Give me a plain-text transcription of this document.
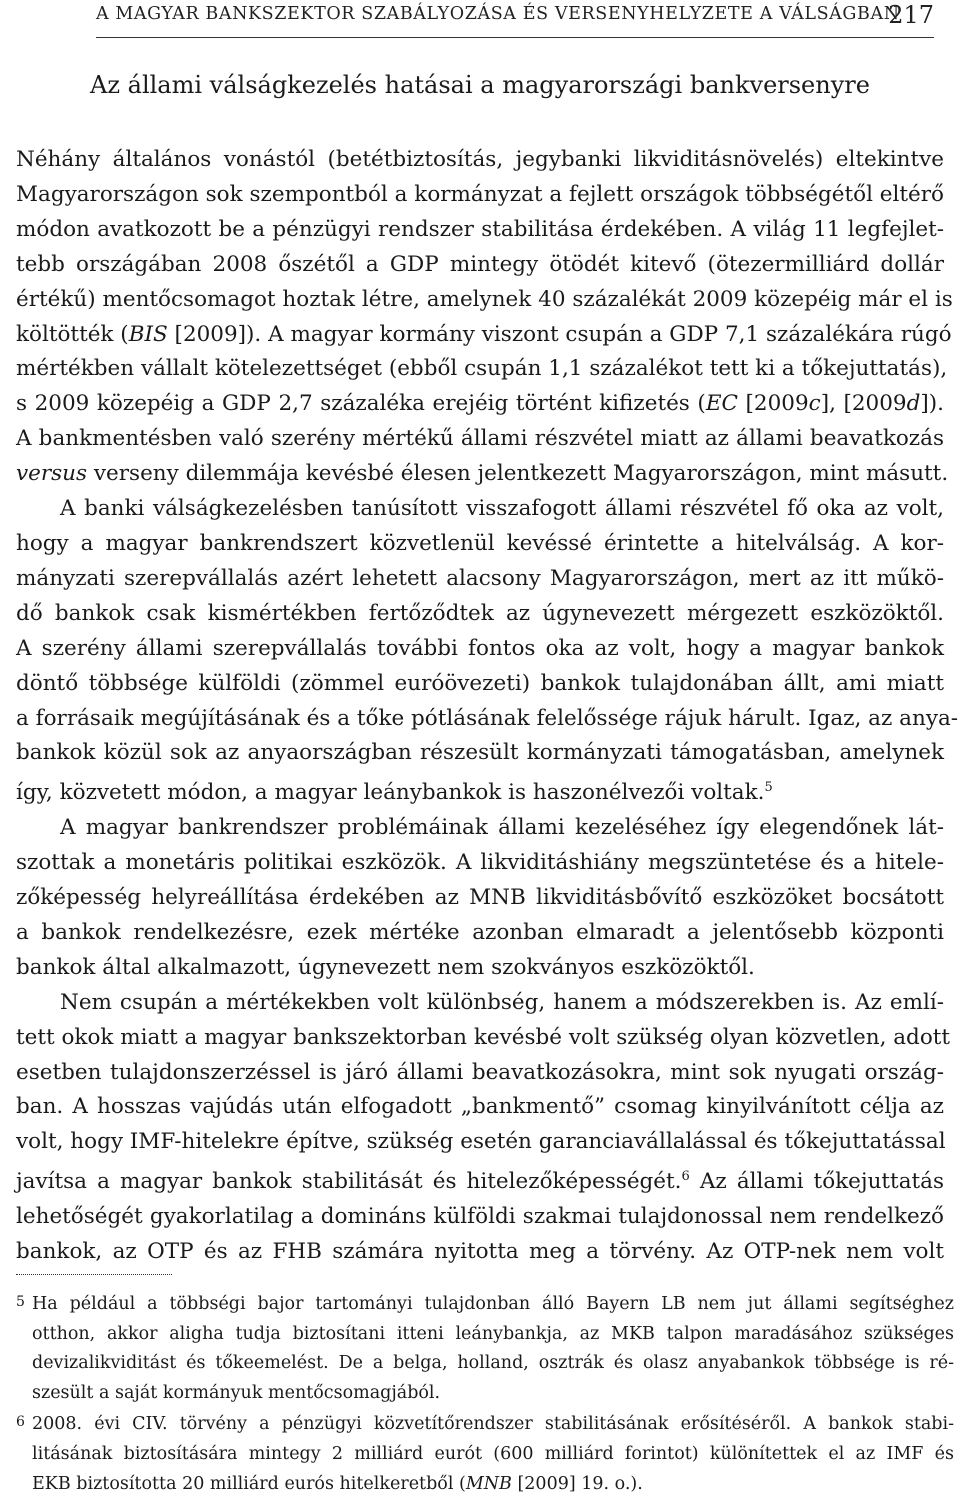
A MAGYAR BANKSZEKTOR SZABÁLYOZÁSA ÉS VERSENYHELYZETE A VÁLSÁGBAN
217
Az állami válságkezelés hatásai a magyarországi bankversenyre
Néhány általános vonástól (betétbiztosítás, jegybanki likviditásnövelés) eltekintve
Magyarországon sok szempontból a kormányzat a fejlett országok többségétől eltérő
módon avatkozott be a pénzügyi rendszer stabilitása érdekében. A világ 11 legfejlet-
tebb országában 2008 őszétől a GDP mintegy ötödét kitevő (ötezermilliárd dollár
értékű) mentőcsomagot hoztak létre, amelynek 40 százalékát 2009 közepéig már el is
költötték (BIS [2009]). A magyar kormány viszont csupán a GDP 7,1 százalékára rúgó
mértékben vállalt kötelezettséget (ebből csupán 1,1 százalékot tett ki a tőkejuttatás),
s 2009 közepéig a GDP 2,7 százaléka erejéig történt kifizetés (EC [2009c], [2009d]).
A bankmentésben való szerény mértékű állami részvétel miatt az állami beavatkozás
versus verseny dilemmája kevésbé élesen jelentkezett Magyarországon, mint másutt.
A banki válságkezelésben tanúsított visszafogott állami részvétel fő oka az volt,
hogy a magyar bankrendszert közvetlenül kevéssé érintette a hitelválság. A kor-
mányzati szerepvállalás azért lehetett alacsony Magyarországon, mert az itt műkö-
dő bankok csak kismértékben fertőződtek az úgynevezett mérgezett eszközöktől.
A szerény állami szerepvállalás további fontos oka az volt, hogy a magyar bankok
döntő többsége külföldi (zömmel euróövezeti) bankok tulajdonában állt, ami miatt
a forrásaik megújításának és a tőke pótlásának felelőssége rájuk hárult. Igaz, az anya-
bankok közül sok az anyaországban részesült kormányzati támogatásban, amelynek
így, közvetett módon, a magyar leánybankok is haszonélvezői voltak.$^5$
A magyar bankrendszer problémáinak állami kezeléséhez így elegendőnek lát-
szottak a monetáris politikai eszközök. A likviditáshiány megszüntetése és a hitele-
zőképesség helyreállítása érdekében az MNB likviditásbővítő eszközöket bocsátott
a bankok rendelkezésre, ezek mértéke azonban elmaradt a jelentősebb központi
bankok által alkalmazott, úgynevezett nem szokványos eszközöktől.
Nem csupán a mértékekben volt különbség, hanem a módszerekben is. Az emlí-
tett okok miatt a magyar bankszektorban kevésbé volt szükség olyan közvetlen, adott
esetben tulajdonszerzéssel is járó állami beavatkozásokra, mint sok nyugati ország-
ban. A hosszas vajúdás után elfogadott „bankmentő” csomag kinyilvánított célja az
volt, hogy IMF-hitelekre építve, szükség esetén garanciavállalással és tőkejuttatással
javítsa a magyar bankok stabilitását és hitelezőképességét.$^6$ Az állami tőkejuttatás
lehetőségét gyakorlatilag a domináns külföldi szakmai tulajdonossal nem rendelkező
bankok, az OTP és az FHB számára nyitotta meg a törvény. Az OTP-nek nem volt
5 Ha például a többségi bajor tartományi tulajdonban álló Bayern LB nem jut állami segítséghez
otthon, akkor aligha tudja biztosítani itteni leánybankja, az MKB talpon maradásához szükséges
devizalikviditást és tőkeemelést. De a belga, holland, osztrák és olasz anyabankok többsége is ré-
szesült a saját kormányuk mentőcsomagjából.
6 2008. évi CIV. törvény a pénzügyi közvetítőrendszer stabilitásának erősítéséről. A bankok stabi-
litásának biztosítására mintegy 2 milliárd eurót (600 milliárd forintot) különítettek el az IMF és
EKB biztosította 20 milliárd eurós hitelkeretből (MNB [2009] 19. o.).
